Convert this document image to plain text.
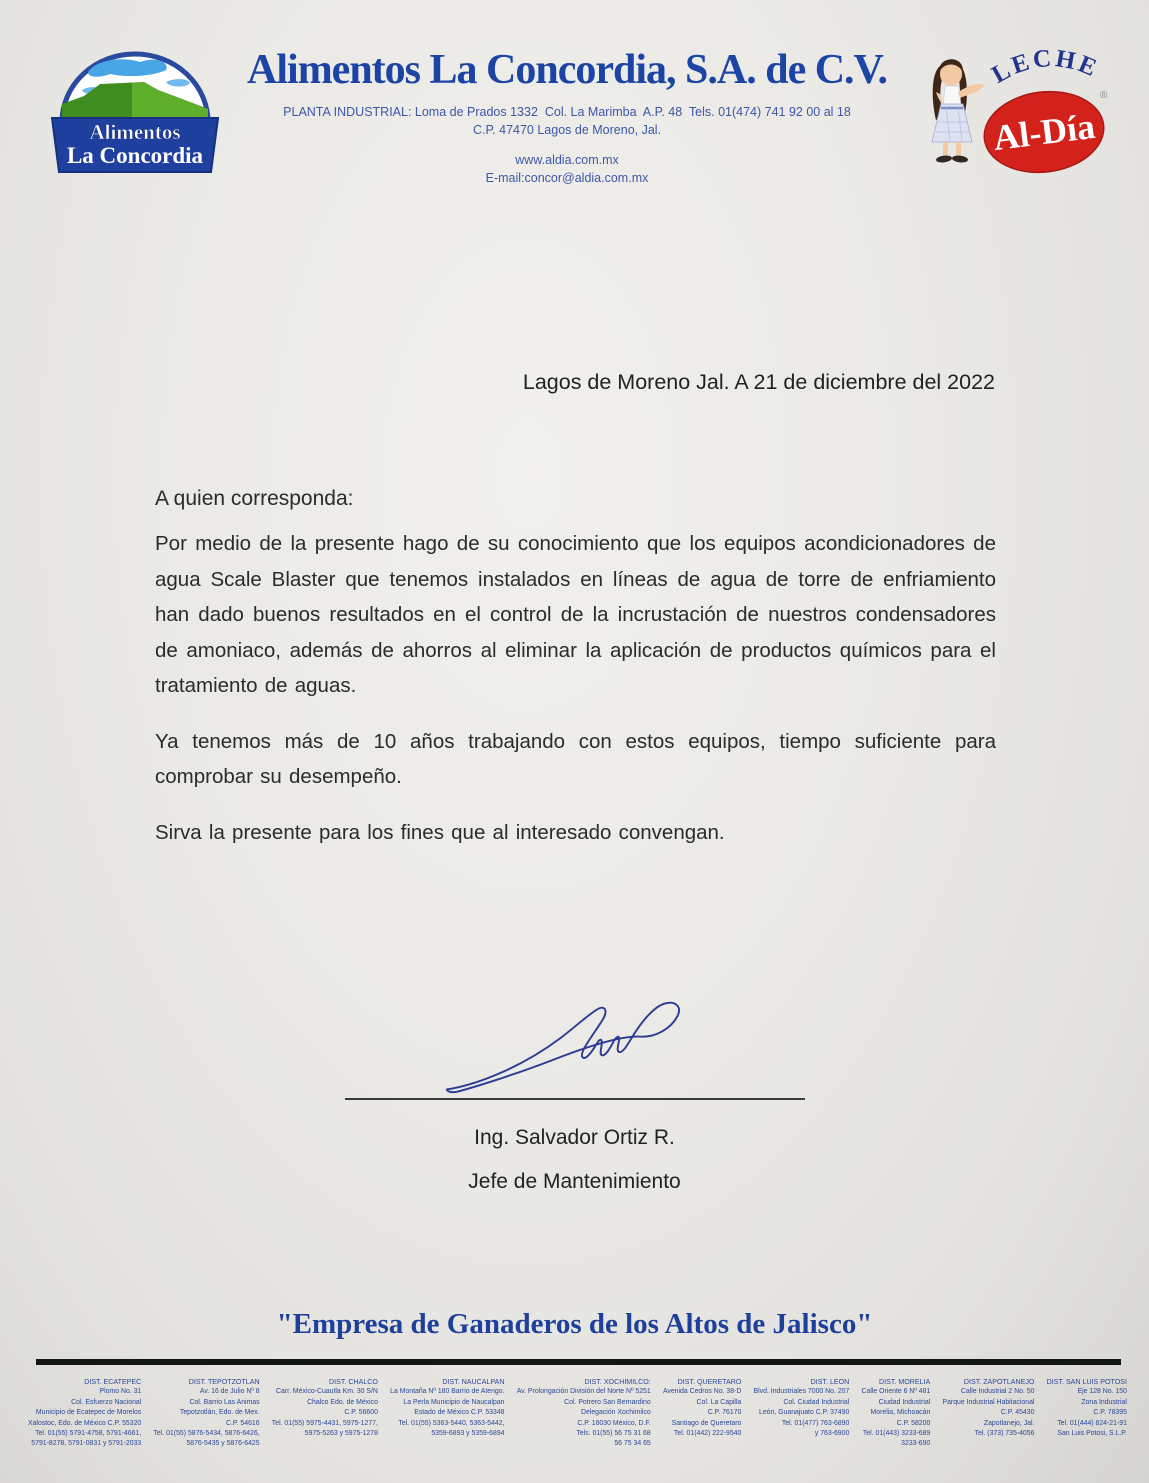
Alimentos
La Concordia
Alimentos La Concordia, S.A. de C.V.
PLANTA INDUSTRIAL: Loma de Prados 1332  Col. La Marimba  A.P. 48  Tels. 01(474) 741 92 00 al 18
C.P. 47470 Lagos de Moreno, Jal.
www.aldia.com.mx
E-mail:concor@aldia.com.mx
LECHE
Al-Día
®
Lagos de Moreno Jal. A 21 de diciembre del 2022
A quien corresponda:

Por medio de la presente hago de su conocimiento que los equipos acondicionadores de agua Scale Blaster que tenemos instalados en líneas de agua de torre de enfriamiento han dado buenos resultados en el control de la incrustación de nuestros condensadores de amoniaco, además de ahorros al eliminar la aplicación de productos químicos para el tratamiento de aguas.

Ya tenemos más de 10 años trabajando con estos equipos, tiempo suficiente para comprobar su desempeño.

Sirva la presente para los fines que al interesado convengan.

Ing. Salvador Ortiz R.
Jefe de Mantenimiento
"Empresa de Ganaderos de los Altos de Jalisco"
DIST. ECATEPEC
Plomo No. 31
Col. Esfuerzo Nacional
Municipio de Ecatepec de Morelos
Xalostoc, Edo. de México C.P. 55320
Tel. 01(55) 5791-4758, 5791-4661,
5791-8278, 5791-0831 y 5791-2033
DIST. TEPOTZOTLAN
Av. 16 de Julio Nº 8
Col. Barrio Las Animas
Tepotzotlán, Edo. de Mex.
C.P. 54616
Tel. 01(55) 5876-5434, 5876-6426,
5876-5435 y 5876-6425
DIST. CHALCO
Carr. México-Cuautla Km. 30 S/N
Chalco Edo. de México
C.P. 56600
Tel. 01(55) 5975-4431, 5975-1277,
5975-5263 y 5975-1278
DIST. NAUCALPAN
La Montaña Nº 180 Barrio de Atengo.
La Perla Municipio de Naucalpan
Estado de México C.P. 53348
Tel. 01(55) 5363-5440, 5363-5442,
5359-6893 y 5359-6894
DIST. XOCHIMILCO:
Av. Prolongación División del Norte Nº 5251
Col. Potrero San Bernardino
Delegación Xochimilco
C.P. 16030 México, D.F.
Tels. 01(55) 56 75 31 68
56 75 34 65
DIST. QUERETARO
Avenida Cedros No. 38-D
Col. La Capilla
C.P. 76170
Santiago de Queretaro
Tel. 01(442) 222-9540
DIST. LEON
Blvd. Industriales 7000 No. 207
Col. Ciudad Industrial
León, Guanajuato C.P. 37490
Tel. 01(477) 763-6890
y 763-6900
DIST. MORELIA
Calle Oriente 6 Nº 481
Ciudad Industrial
Morelia, Michoacán
C.P. 58200
Tel. 01(443) 3233-689
3233-690
DIST. ZAPOTLANEJO
Calle Industrial 2 No. 50
Parque Industrial Habitacional
C.P. 45430
Zapotlanejo, Jal.
Tel. (373) 735-4056
DIST. SAN LUIS POTOSI
Eje 128 No. 150
Zona Industrial
C.P. 78395
Tel. 01(444) 824-21-91
San Luis Potosi, S.L.P.
